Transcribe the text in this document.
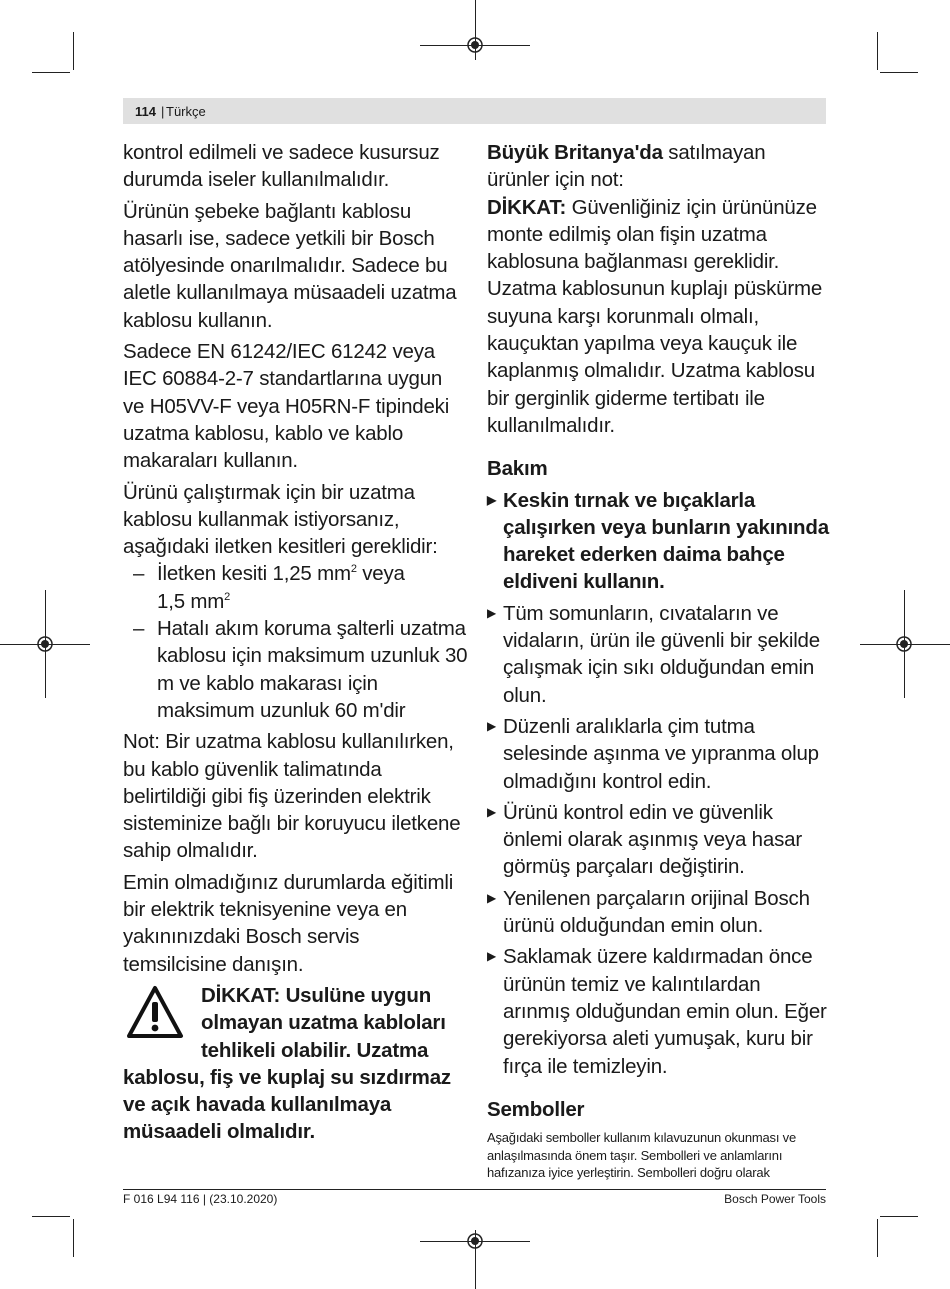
114 | Türkçe

kontrol edilmeli ve sadece kusursuz durumda iseler kullanılmalıdır.

Ürünün şebeke bağlantı kablosu hasarlı ise, sadece yetkili bir Bosch atölyesinde onarılmalıdır. Sadece bu aletle kullanılmaya müsaadeli uzatma kablosu kullanın.

Sadece EN 61242/IEC 61242 veya IEC 60884-2-7 standartlarına uygun ve H05VV-F veya H05RN-F tipindeki uzatma kablosu, kablo ve kablo makaraları kullanın.

Ürünü çalıştırmak için bir uzatma kablosu kullanmak istiyorsanız, aşağıdaki iletken kesitleri gereklidir:

– İletken kesiti 1,25 $mm^2$ veya
1,5 $mm^2$
– Hatalı akım koruma şalterli uzatma kablosu için maksimum uzunluk 30 m ve kablo makarası için maksimum uzunluk 60 m'dir

Not: Bir uzatma kablosu kullanılırken, bu kablo güvenlik talimatında belirtildiği gibi fiş üzerinden elektrik sisteminize bağlı bir koruyucu iletkene sahip olmalıdır.

Emin olmadığınız durumlarda eğitimli bir elektrik teknisyenine veya en yakınınızdaki Bosch servis temsilcisine danışın.

DİKKAT: Usulüne uygun olmayan uzatma kabloları tehlikeli olabilir. Uzatma kablosu, fiş ve kuplaj su sızdırmaz ve açık havada kullanılmaya müsaadeli olmalıdır.

Büyük Britanya'da satılmayan ürünler için not:

DİKKAT: Güvenliğiniz için ürününüze monte edilmiş olan fişin uzatma kablosuna bağlanması gereklidir. Uzatma kablosunun kuplajı püskürme suyuna karşı korunmalı olmalı, kauçuktan yapılma veya kauçuk ile kaplanmış olmalıdır. Uzatma kablosu bir gerginlik giderme tertibatı ile kullanılmalıdır.

Bakım

▶ Keskin tırnak ve bıçaklarla çalışırken veya bunların yakınında hareket ederken daima bahçe eldiveni kullanın.
▶ Tüm somunların, cıvataların ve vidaların, ürün ile güvenli bir şekilde çalışmak için sıkı olduğundan emin olun.
▶ Düzenli aralıklarla çim tutma selesinde aşınma ve yıpranma olup olmadığını kontrol edin.
▶ Ürünü kontrol edin ve güvenlik önlemi olarak aşınmış veya hasar görmüş parçaları değiştirin.
▶ Yenilenen parçaların orijinal Bosch ürünü olduğundan emin olun.
▶ Saklamak üzere kaldırmadan önce ürünün temiz ve kalıntılardan arınmış olduğundan emin olun. Eğer gerekiyorsa aleti yumuşak, kuru bir fırça ile temizleyin.

Semboller

Aşağıdaki semboller kullanım kılavuzunun okunması ve anlaşılmasında önem taşır. Sembolleri ve anlamlarını hafızanıza iyice yerleştirin. Sembolleri doğru olarak

F 016 L94 116 | (23.10.2020)	Bosch Power Tools
